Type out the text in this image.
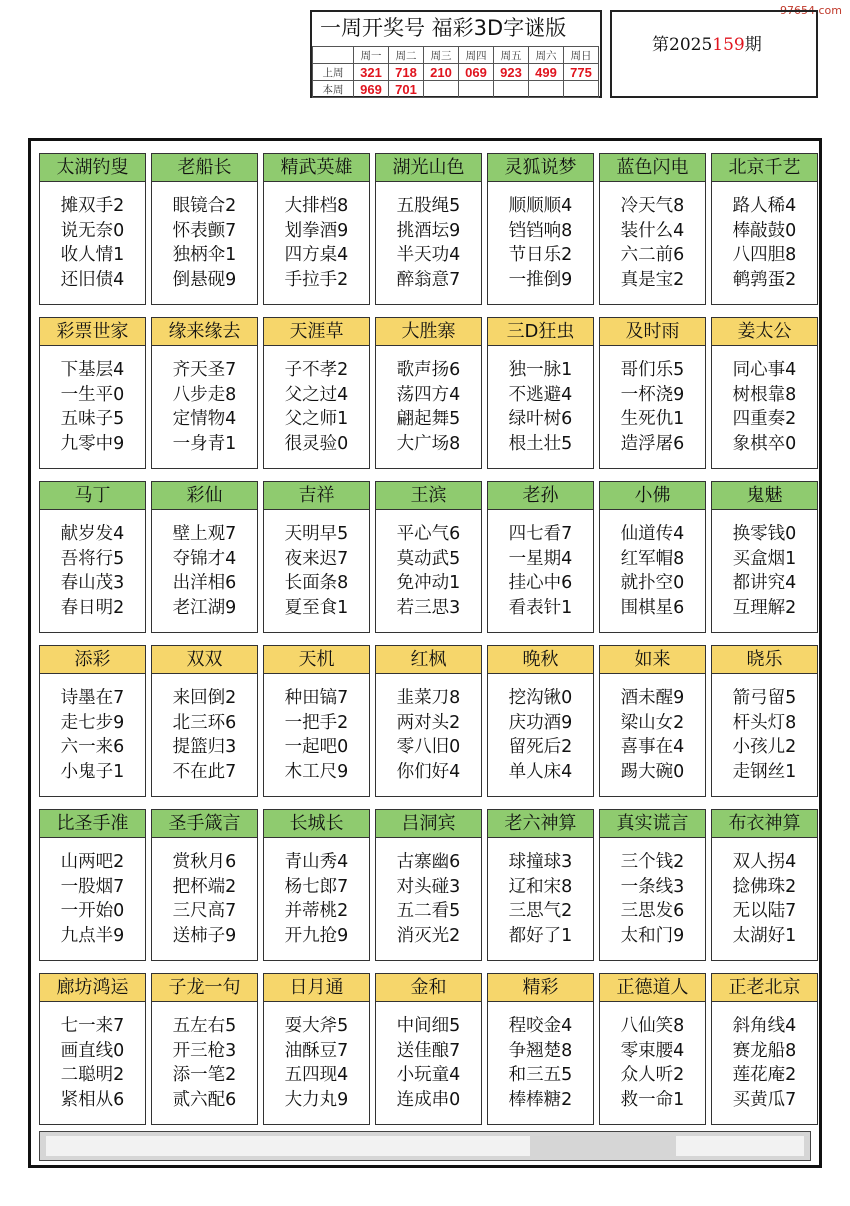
97654.com
一周开奖号 福彩3D字谜版
	周一	周二	周三	周四	周五	周六	周日
上周	321	718	210	069	923	499	775
本周	969	701					
第2025159期
太湖钓叟
摊双手2
说无奈0
收人情1
还旧债4
老船长
眼镜合2
怀表颤7
独柄伞1
倒悬砚9
精武英雄
大排档8
划拳酒9
四方桌4
手拉手2
湖光山色
五股绳5
挑酒坛9
半天功4
醉翁意7
灵狐说梦
顺顺顺4
铛铛响8
节日乐2
一推倒9
蓝色闪电
冷天气8
装什么4
六二前6
真是宝2
北京千艺
路人稀4
棒敲鼓0
八四胆8
鹌鹑蛋2
彩票世家
下基层4
一生平0
五味子5
九零中9
缘来缘去
齐天圣7
八步走8
定情物4
一身青1
天涯草
子不孝2
父之过4
父之师1
很灵验0
大胜寨
歌声扬6
荡四方4
翩起舞5
大广场8
三D狂虫
独一脉1
不逃避4
绿叶树6
根土壮5
及时雨
哥们乐5
一杯浇9
生死仇1
造浮屠6
姜太公
同心事4
树根靠8
四重奏2
象棋卒0
马丁
献岁发4
吾将行5
春山茂3
春日明2
彩仙
壁上观7
夺锦才4
出洋相6
老江湖9
吉祥
天明早5
夜来迟7
长面条8
夏至食1
王滨
平心气6
莫动武5
免冲动1
若三思3
老孙
四七看7
一星期4
挂心中6
看表针1
小佛
仙道传4
红军帽8
就扑空0
围棋星6
鬼魅
换零钱0
买盒烟1
都讲究4
互理解2
添彩
诗墨在7
走七步9
六一来6
小鬼子1
双双
来回倒2
北三环6
提篮归3
不在此7
天机
种田镐7
一把手2
一起吧0
木工尺9
红枫
韭菜刀8
两对头2
零八旧0
你们好4
晚秋
挖沟锹0
庆功酒9
留死后2
单人床4
如来
酒未醒9
梁山女2
喜事在4
踢大碗0
晓乐
箭弓留5
杆头灯8
小孩儿2
走钢丝1
比圣手准
山两吧2
一股烟7
一开始0
九点半9
圣手箴言
赏秋月6
把杯端2
三尺高7
送柿子9
长城长
青山秀4
杨七郎7
并蒂桃2
开九抢9
吕洞宾
古寨幽6
对头碰3
五二看5
消灭光2
老六神算
球撞球3
辽和宋8
三思气2
都好了1
真实谎言
三个钱2
一条线3
三思发6
太和门9
布衣神算
双人拐4
捻佛珠2
无以陆7
太湖好1
廊坊鸿运
七一来7
画直线0
二聪明2
紧相从6
子龙一句
五左右5
开三枪3
添一笔2
贰六配6
日月通
耍大斧5
油酥豆7
五四现4
大力丸9
金和
中间细5
送佳酿7
小玩童4
连成串0
精彩
程咬金4
争翘楚8
和三五5
棒棒糖2
正德道人
八仙笑8
零束腰4
众人听2
救一命1
正老北京
斜角线4
赛龙船8
莲花庵2
买黄瓜7
